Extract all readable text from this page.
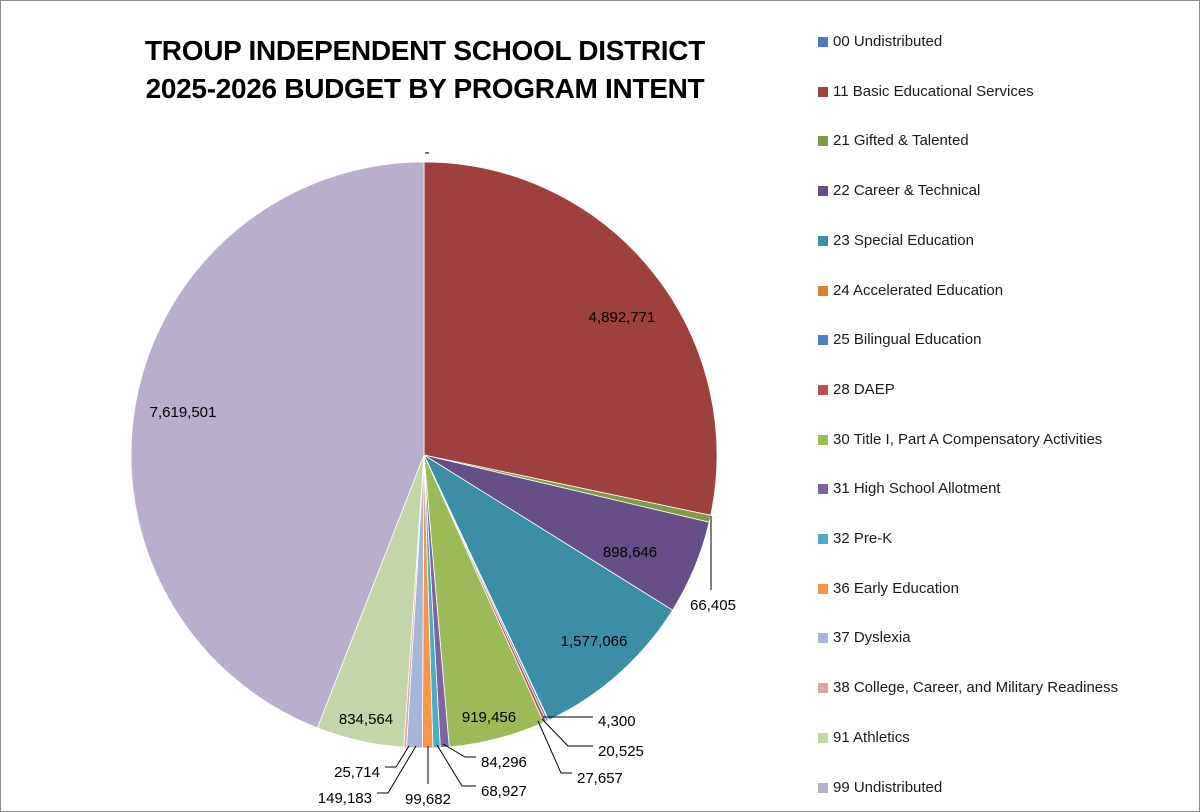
TROUP INDEPENDENT SCHOOL DISTRICT
2025-2026 BUDGET BY PROGRAM INTENT
-
4,892,771
66,405
898,646
1,577,066
4,300
20,525
27,657
919,456
84,296
68,927
99,682
149,183
25,714
834,564
7,619,501
00 Undistributed
11 Basic Educational Services
21 Gifted & Talented
22 Career & Technical
23 Special Education
24 Accelerated Education
25 Bilingual Education
28 DAEP
30 Title I, Part A Compensatory Activities
31 High School Allotment
32 Pre-K
36 Early Education
37 Dyslexia
38 College, Career, and Military Readiness
91 Athletics
99 Undistributed
